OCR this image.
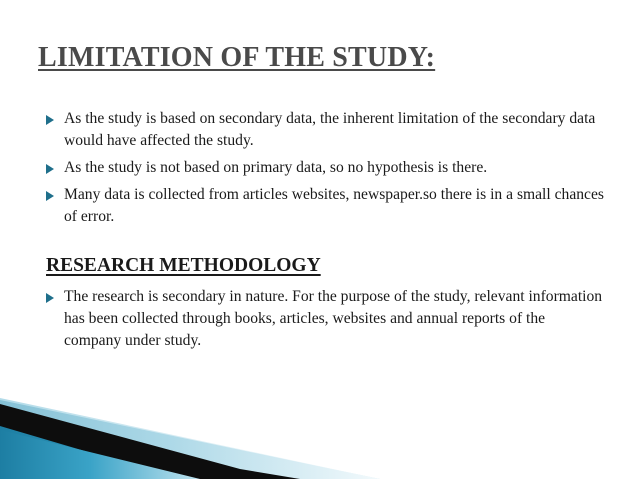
LIMITATION OF THE STUDY:
As the study is based on secondary data, the inherent limitation of the secondary data would have affected the study.
As the study is not based on primary data, so no hypothesis is there.
Many data is collected from articles websites, newspaper.so there is in a small chances of error.
RESEARCH METHODOLOGY
The research is secondary in nature. For the purpose of the study, relevant information has been collected through books, articles, websites and annual reports of the company under study.
